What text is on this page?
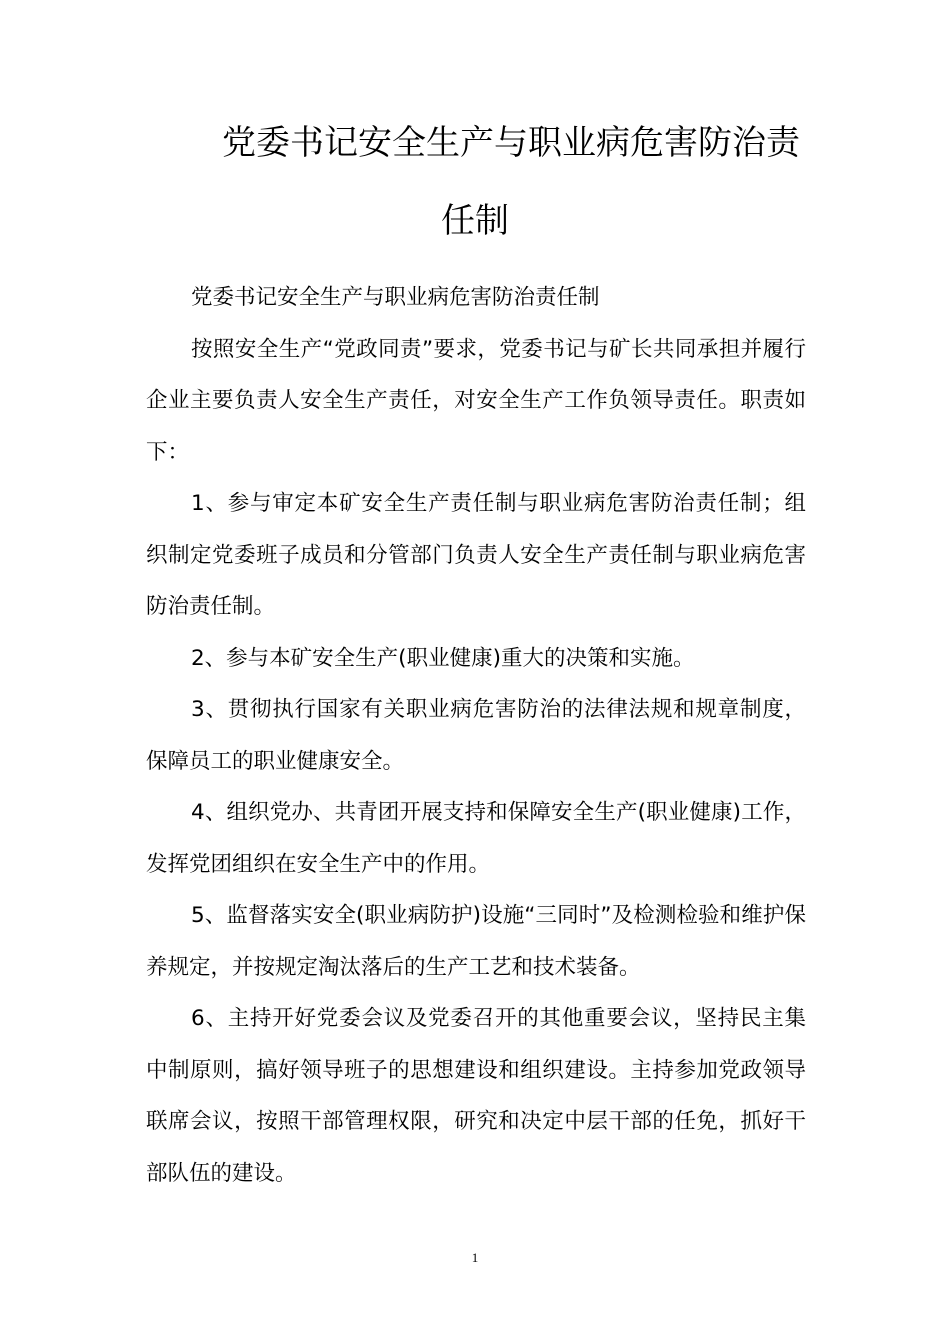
党委书记安全生产与职业病危害防治责
任制

党委书记安全生产与职业病危害防治责任制

按照安全生产“党政同责”要求，党委书记与矿长共同承担并履行企业主要负责人安全生产责任，对安全生产工作负领导责任。职责如下：

1、参与审定本矿安全生产责任制与职业病危害防治责任制；组织制定党委班子成员和分管部门负责人安全生产责任制与职业病危害防治责任制。

2、参与本矿安全生产(职业健康)重大的决策和实施。

3、贯彻执行国家有关职业病危害防治的法律法规和规章制度，保障员工的职业健康安全。

4、组织党办、共青团开展支持和保障安全生产(职业健康)工作，发挥党团组织在安全生产中的作用。

5、监督落实安全(职业病防护)设施“三同时”及检测检验和维护保养规定，并按规定淘汰落后的生产工艺和技术装备。

6、主持开好党委会议及党委召开的其他重要会议，坚持民主集中制原则，搞好领导班子的思想建设和组织建设。主持参加党政领导联席会议，按照干部管理权限，研究和决定中层干部的任免，抓好干部队伍的建设。

1
